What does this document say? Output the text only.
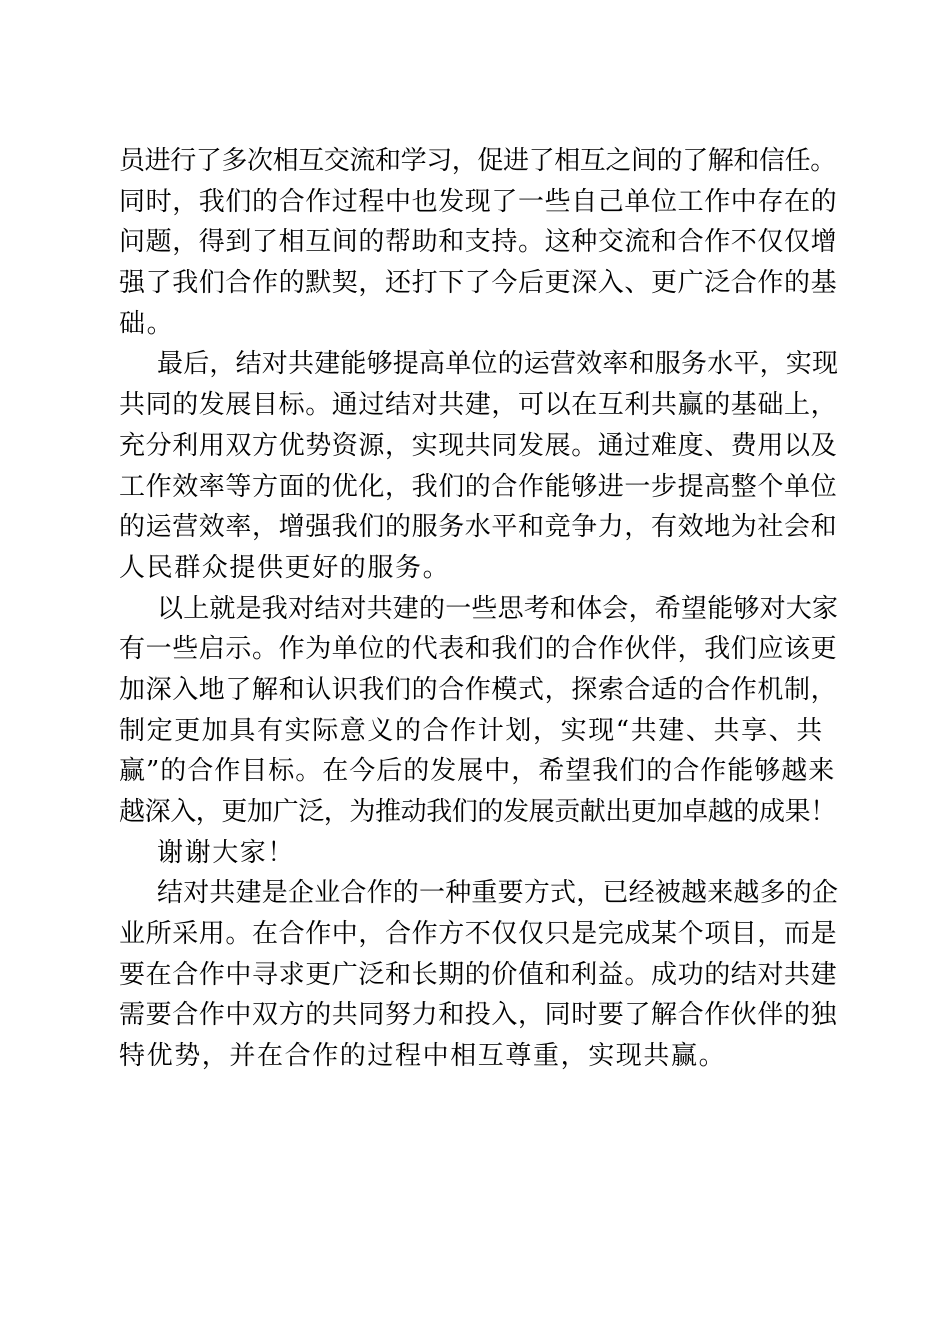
员进行了多次相互交流和学习，促进了相互之间的了解和信任。
同时，我们的合作过程中也发现了一些自己单位工作中存在的
问题，得到了相互间的帮助和支持。这种交流和合作不仅仅增
强了我们合作的默契，还打下了今后更深入、更广泛合作的基
础。
最后，结对共建能够提高单位的运营效率和服务水平，实现
共同的发展目标。通过结对共建，可以在互利共赢的基础上，
充分利用双方优势资源，实现共同发展。通过难度、费用以及
工作效率等方面的优化，我们的合作能够进一步提高整个单位
的运营效率，增强我们的服务水平和竞争力，有效地为社会和
人民群众提供更好的服务。
以上就是我对结对共建的一些思考和体会，希望能够对大家
有一些启示。作为单位的代表和我们的合作伙伴，我们应该更
加深入地了解和认识我们的合作模式，探索合适的合作机制，
制定更加具有实际意义的合作计划，实现“共建、共享、共
赢”的合作目标。在今后的发展中，希望我们的合作能够越来
越深入，更加广泛，为推动我们的发展贡献出更加卓越的成果！
谢谢大家！
结对共建是企业合作的一种重要方式，已经被越来越多的企
业所采用。在合作中，合作方不仅仅只是完成某个项目，而是
要在合作中寻求更广泛和长期的价值和利益。成功的结对共建
需要合作中双方的共同努力和投入，同时要了解合作伙伴的独
特优势，并在合作的过程中相互尊重，实现共赢。
